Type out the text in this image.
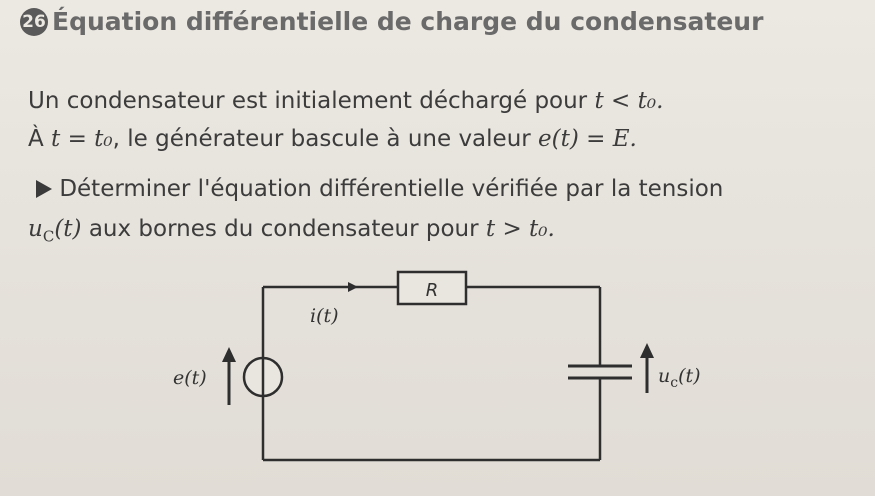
26 Équation différentielle de charge du condensateur
Un condensateur est initialement déchargé pour t < t₀.
À t = t₀, le générateur bascule à une valeur e(t) = E.
Déterminer l'équation différentielle vérifiée par la tension
$u_C(t)$ aux bornes du condensateur pour t > t₀.
R
i(t)
e(t)	$u_c(t)$
